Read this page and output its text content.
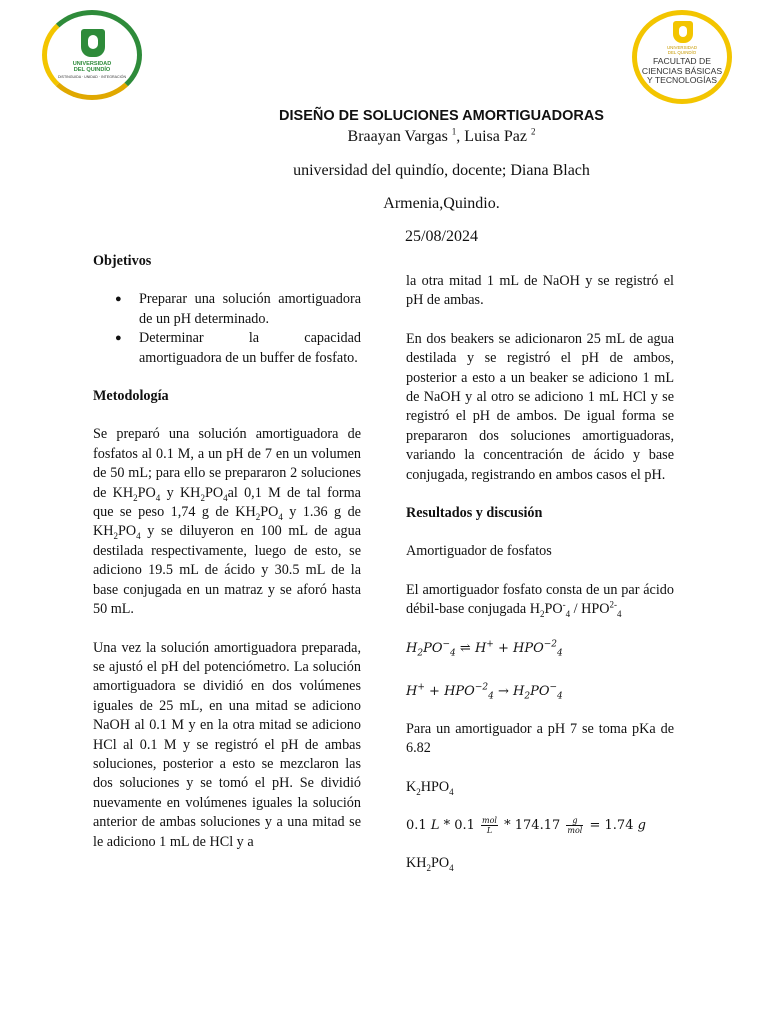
UNIVERSIDAD
DEL QUINDÍO
DISTINGUIDA · UNIDAD · INTEGRACIÓN
UNIVERSIDAD
DEL QUINDÍO
FACULTAD DE
CIENCIAS BÁSICAS
Y TECNOLOGÍAS
DISEÑO DE SOLUCIONES AMORTIGUADORAS
Braayan Vargas $^1$, Luisa Paz $^2$
universidad del quindío, docente; Diana Blach
Armenia,Quindio.
25/08/2024

Objetivos

● Preparar una solución amortiguadora de un pH determinado.
● Determinar la capacidad amortiguadora de un buffer de fosfato.

Metodología

Se preparó una solución amortiguadora de fosfatos al 0.1 M, a un pH de 7 en un volumen de 50 mL; para ello se prepararon 2 soluciones de $KH_2PO_4$ y $KH_2PO_4al$ 0,1 M de tal forma que se peso 1,74 g de $KH_2PO_4$ y 1.36 g de $KH_2PO_4$ y se diluyeron en 100 mL de agua destilada respectivamente, luego de esto, se adiciono 19.5 mL de ácido y 30.5 mL de la base conjugada en un matraz y se aforó hasta 50 mL.

Una vez la solución amortiguadora preparada, se ajustó el pH del potenciómetro. La solución amortiguadora se dividió en dos volúmenes iguales de 25 mL, en una mitad se adiciono NaOH al 0.1 M y en la otra mitad se adiciono HCl al 0.1 M y se registró el pH de ambas soluciones, posterior a esto se mezclaron las dos soluciones y se tomó el pH. Se dividió nuevamente en volúmenes iguales la solución anterior de ambas soluciones y a una mitad se le adiciono 1 mL de HCl y a

la otra mitad 1 mL de NaOH y se registró el pH de ambas.

En dos beakers se adicionaron 25 mL de agua destilada y se registró el pH de ambos, posterior a esto a un beaker se adiciono 1 mL de NaOH y al otro se adiciono 1 mL HCl y se registró el pH de ambos. De igual forma se prepararon dos soluciones amortiguadoras, variando la concentración de ácido y base conjugada, registrando en ambos casos el pH.

Resultados y discusión

Amortiguador de fosfatos

El amortiguador fosfato consta de un par ácido débil-base conjugada $H_2PO^-_4 / HPO^{2-}_4$

$H_2PO^-_4$ ⇌ $H^+ + HPO^{-2}_4$

$H^+ + HPO^{-2}_4 \to H_2PO^-_4$

Para un amortiguador a pH 7 se toma pKa de 6.82

$K_2HPO_4$

0.1 $L * 0.1 \frac{\text{mol}}{L} * 174.17 \frac{g}{\text{mol}} = 1.74$ g

$KH_2PO_4$
